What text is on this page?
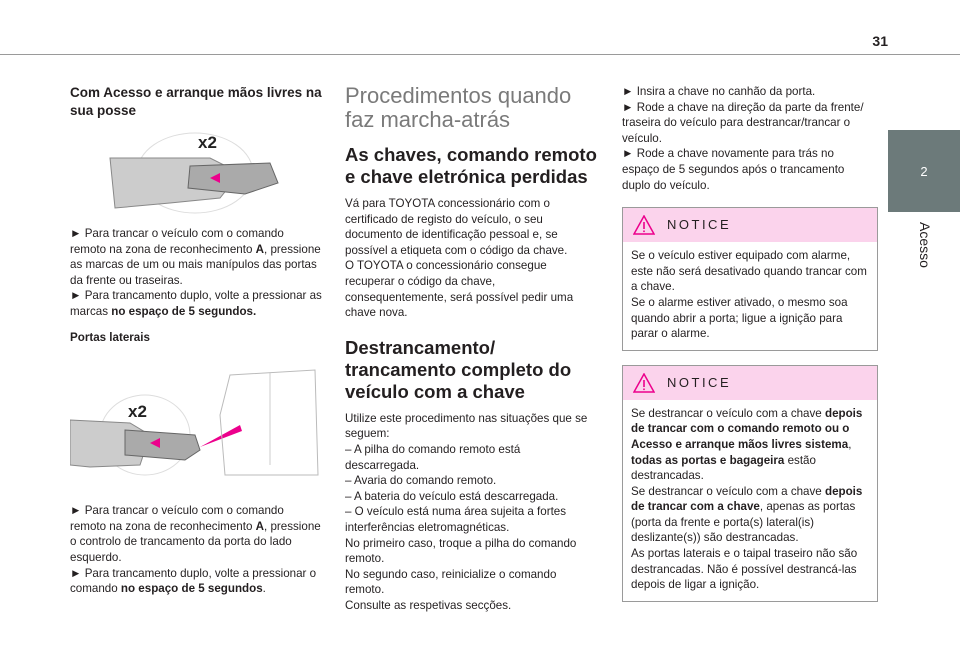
31
2
Acesso
Com Acesso e arranque mãos livres na sua posse
x2
► Para trancar o veículo com o comando remoto na zona de reconhecimento A, pressione as marcas de um ou mais manípulos das portas da frente ou traseiras.
► Para trancamento duplo, volte a pressionar as marcas no espaço de 5 segundos.
Portas laterais
x2
► Para trancar o veículo com o comando remoto na zona de reconhecimento A, pressione o controlo de trancamento da porta do lado esquerdo.
► Para trancamento duplo, volte a pressionar o comando no espaço de 5 segundos.
Procedimentos quando faz marcha-atrás
As chaves, comando remoto e chave eletrónica perdidas
Vá para TOYOTA concessionário com o certificado de registo do veículo, o seu documento de identificação pessoal e, se possível a etiqueta com o código da chave.
O TOYOTA o concessionário consegue recuperar o código da chave, consequentemente, será possível pedir uma chave nova.
Destrancamento/ trancamento completo do veículo com a chave
Utilize este procedimento nas situações que se seguem:
– A pilha do comando remoto está descarregada.
– Avaria do comando remoto.
– A bateria do veículo está descarregada.
– O veículo está numa área sujeita a fortes interferências eletromagnéticas.
No primeiro caso, troque a pilha do comando remoto.
No segundo caso, reinicialize o comando remoto.
Consulte as respetivas secções.
► Insira a chave no canhão da porta.
► Rode a chave na direção da parte da frente/ traseira do veículo para destrancar/trancar o veículo.
► Rode a chave novamente para trás no espaço de 5 segundos após o trancamento duplo do veículo.
NOTICE
Se o veículo estiver equipado com alarme, este não será desativado quando trancar com a chave.
Se o alarme estiver ativado, o mesmo soa quando abrir a porta; ligue a ignição para parar o alarme.
NOTICE
Se destrancar o veículo com a chave depois de trancar com o comando remoto ou o Acesso e arranque mãos livres sistema, todas as portas e bagageira estão destrancadas.
Se destrancar o veículo com a chave depois de trancar com a chave, apenas as portas (porta da frente e porta(s) lateral(is) deslizante(s)) são destrancadas.
As portas laterais e o taipal traseiro não são destrancadas. Não é possível destrancá-las depois de ligar a ignição.
